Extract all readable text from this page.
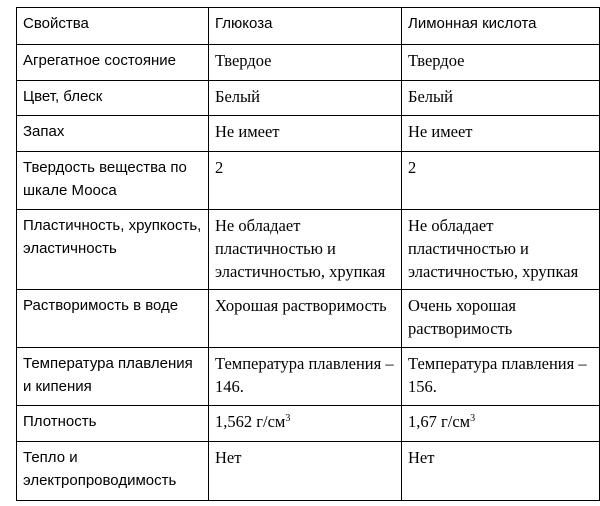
Свойства	Глюкоза	Лимонная кислота
Агрегатное состояние	Твердое	Твердое
Цвет, блеск	Белый	Белый
Запах	Не имеет	Не имеет
Твердость вещества по шкале Мооса	2	2
Пластичность, хрупкость, эластичность	Не обладает пластичностью и эластичностью, хрупкая	Не обладает пластичностью и эластичностью, хрупкая
Растворимость в воде	Хорошая растворимость	Очень хорошая растворимость
Температура плавления и кипения	Температура плавления – 146.	Температура плавления – 156.
Плотность	1,562 $г/см^3$	1,67 $г/см^3$
Тепло и электропроводимость	Нет	Нет
